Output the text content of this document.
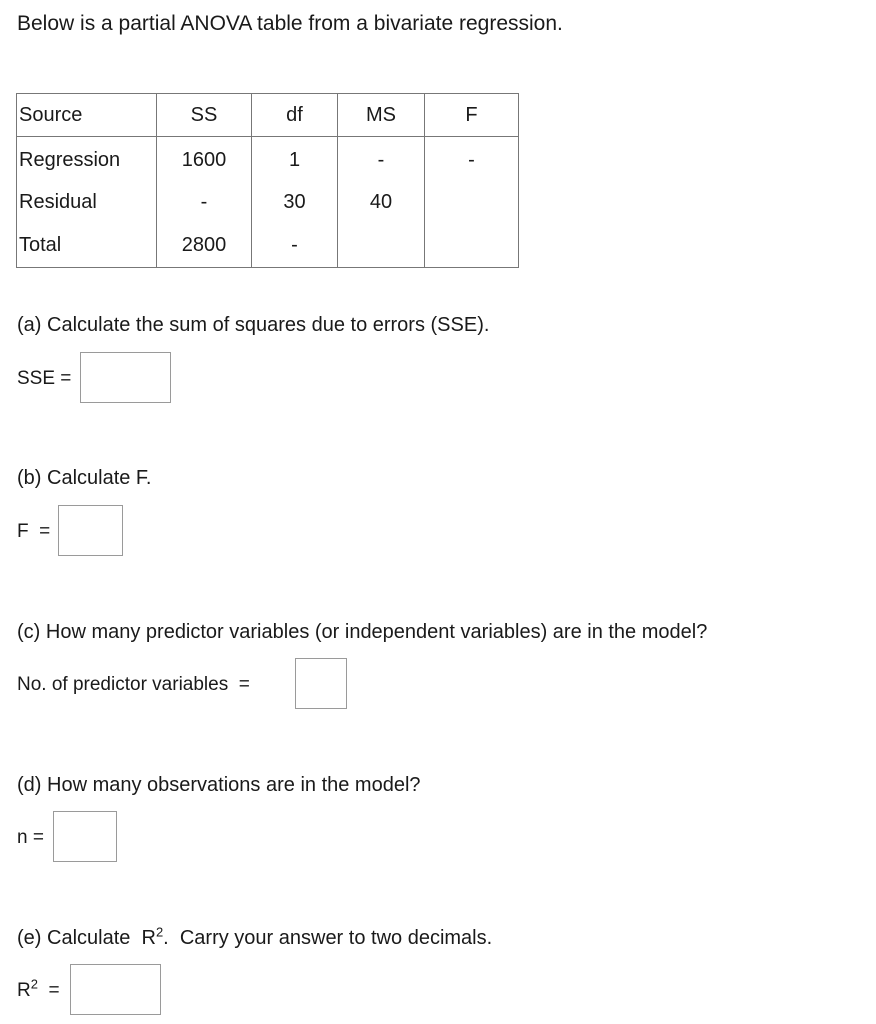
Below is a partial ANOVA table from a bivariate regression.
Source	SS	df	MS	F
Regression	1600	1	-	-
Residual	-	30	40	
Total	2800	-		
(a) Calculate the sum of squares due to errors (SSE).
SSE =
(b) Calculate F.
F  =
(c) How many predictor variables (or independent variables) are in the model?
No. of predictor variables  =
(d) How many observations are in the model?
n =
(e) Calculate  $R^2$.  Carry your answer to two decimals.
$R^2$  =
